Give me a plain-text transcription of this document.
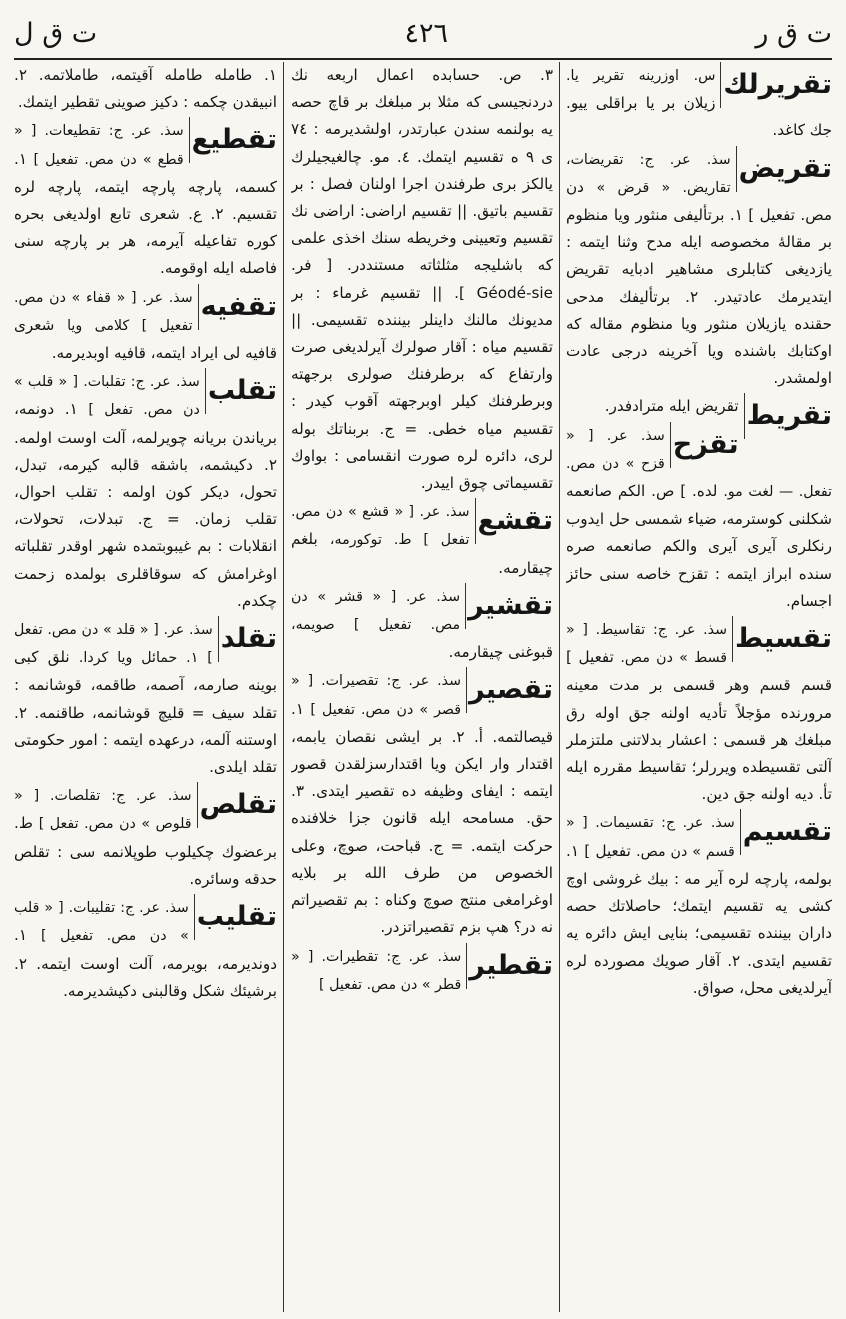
ت ق ل	٤٢٦	ت ق ر
تقريرلك
س. اوزرينه تقرير يا. زيلان بر يا براقلى ييو. جك كاغد.
تقريض
سذ. عر. ج: تقريضات، تقاريض. « قرض » دن مص. تفعيل ] ١. برتأليفى منثور ويا منظوم بر مقالهٔ مخصوصه ايله مدح وثنا ايتمه : يازديغى كتابلرى مشاهير ادبايه تقريض ايتديرمك عادتيدر. ٢. برتأليفك مدحى حقنده يازيلان منثور ويا منظوم مقاله كه اوكتابك باشنده ويا آخرينه درجى عادت اولمشدر.
تقريط
تقريض ايله مترادفدر.
تقزح
سذ. عر. [ « قزح » دن مص. تفعل. — لغت مو. لده. ] ص. الكم صانعمه شكلنى كوسترمه، ضياء شمسى حل ايدوب رنكلرى آيرى آيرى والكم صانعمه صره سنده ابراز ايتمه : تقزح خاصه سنى حائز اجسام.
تقسيط
سذ. عر. ج: تقاسيط. [ « قسط » دن مص. تفعيل ] قسم قسم وهر قسمى بر مدت معينه مرورنده مؤجلاً تأديه اولنه جق اوله رق مبلغك هر قسمى : اعشار بدلاتنى ملتزملر آلتى تقسيطده ويررلر؛ تقاسيط مقرره ايله تأ. ديه اولنه جق دين.
تقسيم
سذ. عر. ج: تقسيمات. [ « قسم » دن مص. تفعيل ] ١. بولمه، پارچه لره آير مه : بيك غروشى اوچ كشى يه تقسيم ايتمك؛ حاصلاتك حصه داران بيننده تقسيمى؛ بنايى ايش دائره يه تقسيم ايتدى. ٢. آقار صويك مصورده لره آيرلديغى محل، صواق.
٣. ص. حسابده اعمال اربعه نك دردنجيسى كه مثلا بر مبلغك بر قاچ حصه يه بولنمه سندن عبارتدر، اولشديرمه : ٧٤ ى ٩ ه تقسيم ايتمك. ٤. مو. چالغيجيلرك يالكز برى طرفندن اجرا اولنان فصل : بر تقسيم باتيق. || تقسيم اراضى: اراضى نك تقسيم وتعيينى وخريطه سنك اخذى علمى كه باشليجه مثلثاته مستنددر. [ فر. Géodé-sie ]. || تقسيم غرماء : بر مديونك مالنك داينلر بيننده تقسيمى. || تقسيم مياه : آقار صولرك آيرلديغى صرت وارتفاع كه برطرفنك صولرى برجهته وبرطرفنك كيلر اوبرجهته آقوب كيدر : تقسيم مياه خطى. = ج. بربناتك بوله لرى، دائره لره صورت انقسامى : بواوك تقسيماتى چوق اييدر.
تقشع
سذ. عر. [ « قشع » دن مص. تفعل ] ط. توكورمه، بلغم چيقارمه.
تقشير
سذ. عر. [ « قشر » دن مص. تفعيل ] صويمه، قبوغنى چيقارمه.
تقصير
سذ. عر. ج: تقصيرات. [ « قصر » دن مص. تفعيل ] ١. قيصالتمه. أ. ٢. بر ايشى نقصان يابمه، اقتدار وار ايكن ويا اقتدارسزلقدن قصور ايتمه : ايفاى وظيفه ده تقصير ايتدى. ٣. حق. مسامحه ايله قانون جزا خلافنده حركت ايتمه. = ج. قباحت، صوچ، وعلى الخصوص من طرف الله بر بلايه اوغرامغى منتج صوچ وكناه : بم تقصيراتم نه در؟ هپ بزم تقصيراتزدر.
تقطير
سذ. عر. ج: تقطيرات. [ « قطر » دن مص. تفعيل ]
١. طامله طامله آقيتمه، طاملاتمه. ٢. انبيقدن چكمه : دكيز صوينى تقطير ايتمك.
تقطيع
سذ. عر. ج: تقطيعات. [ « قطع » دن مص. تفعيل ] ١. كسمه، پارچه پارچه ايتمه، پارچه لره تقسيم. ٢. ع. شعرى تابع اولديغى بحره كوره تفاعيله آيرمه، هر بر پارچه سنى فاصله ايله اوقومه.
تقفيه
سذ. عر. [ « قفاء » دن مص. تفعيل ] كلامى ويا شعرى قافيه لى ايراد ايتمه، قافيه اوبديرمه.
تقلب
سذ. عر. ج: تقلبات. [ « قلب » دن مص. تفعل ] ١. دونمه، برياندن بريانه چويرلمه، آلت اوست اولمه. ٢. دكيشمه، باشقه قالبه كيرمه، تبدل، تحول، ديكر كون اولمه : تقلب احوال، تقلب زمان. = ج. تبدلات، تحولات، انقلابات : بم غيبوبتمده شهر اوقدر تقلباته اوغرامش كه سوقاقلرى بولمده زحمت چكدم.
تقلد
سذ. عر. [ « قلد » دن مص. تفعل ] ١. حمائل ويا كردا. نلق كبى بوينه صارمه، آصمه، طاقمه، قوشانمه : تقلد سيف = قليچ قوشانمه، طاقنمه. ٢. اوستنه آلمه، درعهده ايتمه : امور حكومتى تقلد ايلدى.
تقلص
سذ. عر. ج: تقلصات. [ « قلوص » دن مص. تفعل ] ط. برعضوك چكيلوب طوپلانمه سى : تقلص حدقه وسائره.
تقليب
سذ. عر. ج: تقليبات. [ « قلب » دن مص. تفعيل ] ١. دونديرمه، بويرمه، آلت اوست ايتمه. ٢. برشيئك شكل وقالبنى دكيشديرمه.
